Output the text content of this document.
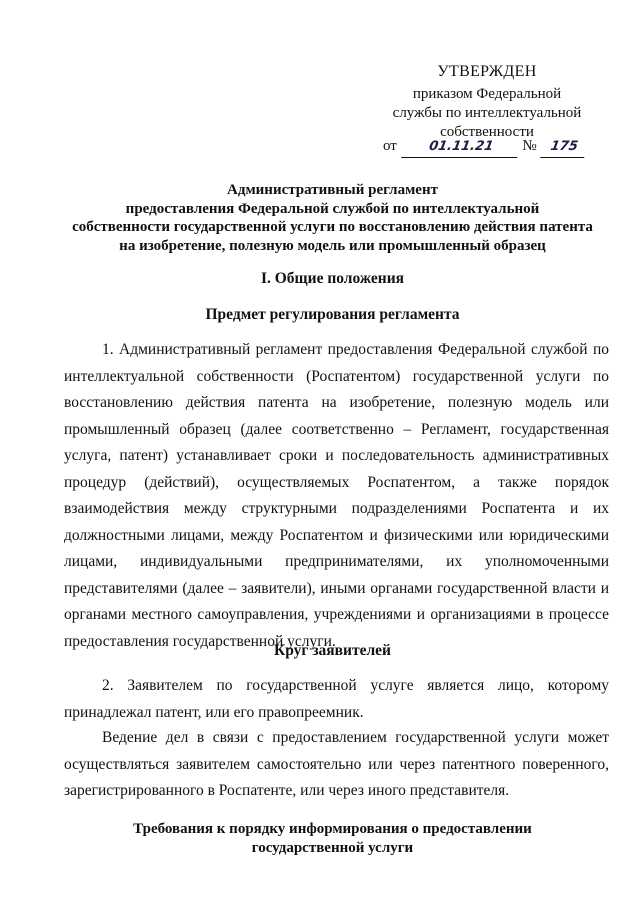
УТВЕРЖДЕН
приказом Федеральной
службы по интеллектуальной
собственности
от 01.11.21 № 175
Административный регламент
предоставления Федеральной службой по интеллектуальной
собственности государственной услуги по восстановлению действия патента
на изобретение, полезную модель или промышленный образец
I. Общие положения
Предмет регулирования регламента
1. Административный регламент предоставления Федеральной службой по интеллектуальной собственности (Роспатентом) государственной услуги по восстановлению действия патента на изобретение, полезную модель или промышленный образец (далее соответственно – Регламент, государственная услуга, патент) устанавливает сроки и последовательность административных процедур (действий), осуществляемых Роспатентом, а также порядок взаимодействия между структурными подразделениями Роспатента и их должностными лицами, между Роспатентом и физическими или юридическими лицами, индивидуальными предпринимателями, их уполномоченными представителями (далее – заявители), иными органами государственной власти и органами местного самоуправления, учреждениями и организациями в процессе предоставления государственной услуги.
Круг заявителей
2. Заявителем по государственной услуге является лицо, которому принадлежал патент, или его правопреемник.
Ведение дел в связи с предоставлением государственной услуги может осуществляться заявителем самостоятельно или через патентного поверенного, зарегистрированного в Роспатенте, или через иного представителя.
Требования к порядку информирования о предоставлении
государственной услуги
